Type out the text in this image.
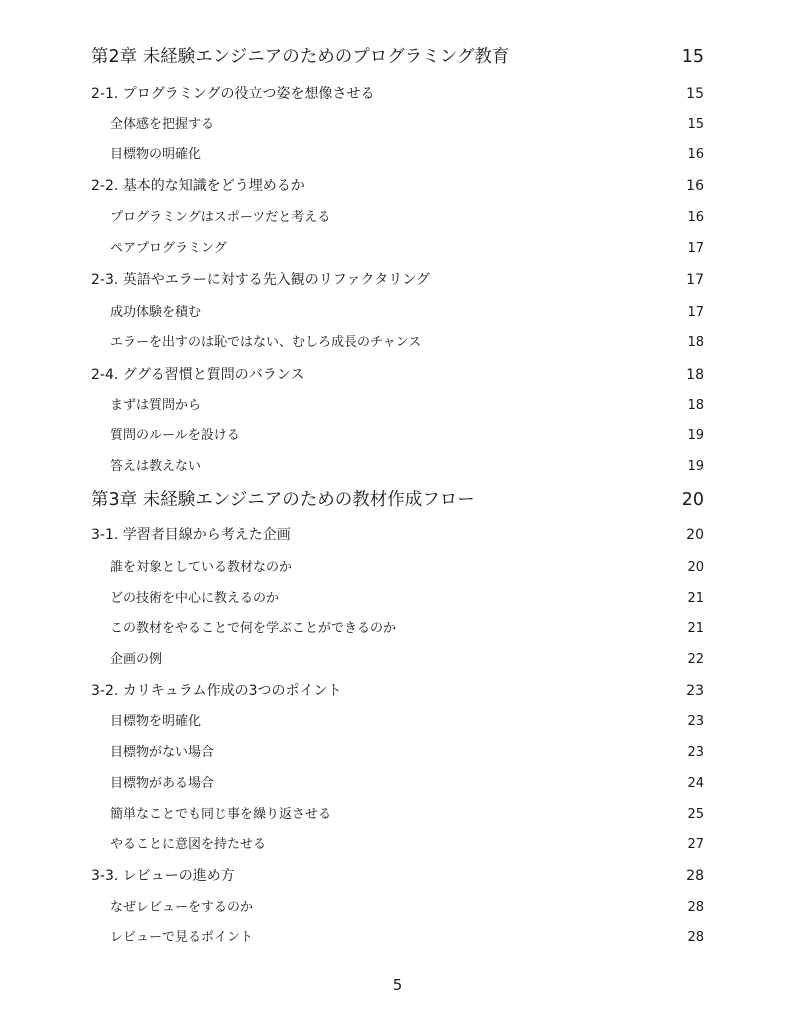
第2章 未経験エンジニアのためのプログラミング教育	15
2-1. プログラミングの役立つ姿を想像させる	15
全体感を把握する	15
目標物の明確化	16
2-2. 基本的な知識をどう埋めるか	16
プログラミングはスポーツだと考える	16
ペアプログラミング	17
2-3. 英語やエラーに対する先入観のリファクタリング	17
成功体験を積む	17
エラーを出すのは恥ではない、むしろ成長のチャンス	18
2-4. ググる習慣と質問のバランス	18
まずは質問から	18
質問のルールを設ける	19
答えは教えない	19
第3章 未経験エンジニアのための教材作成フロー	20
3-1. 学習者目線から考えた企画	20
誰を対象としている教材なのか	20
どの技術を中心に教えるのか	21
この教材をやることで何を学ぶことができるのか	21
企画の例	22
3-2. カリキュラム作成の3つのポイント	23
目標物を明確化	23
目標物がない場合	23
目標物がある場合	24
簡単なことでも同じ事を繰り返させる	25
やることに意図を持たせる	27
3-3. レビューの進め方	28
なぜレビューをするのか	28
レビューで見るポイント	28
5
